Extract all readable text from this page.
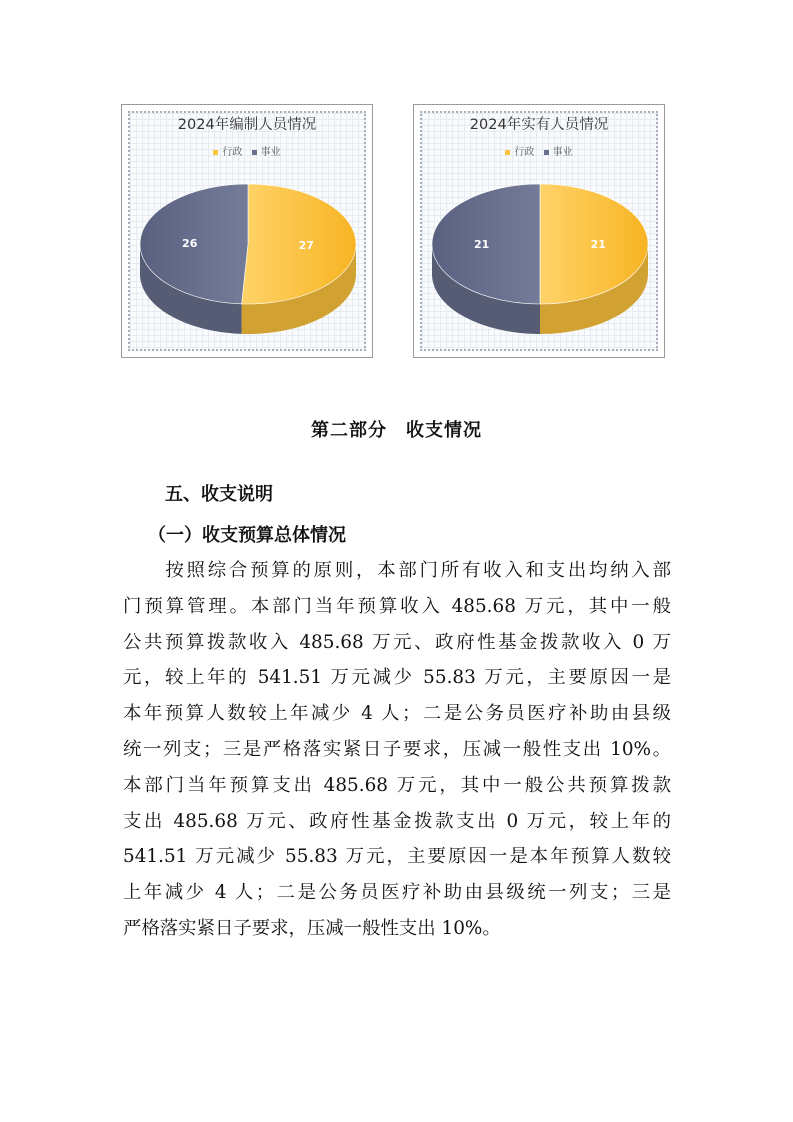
2024年编制人员情况
行政 事业
27
26
2024年实有人员情况
行政 事业
21
21
第二部分　收支情况
五、收支说明
（一）收支预算总体情况
　　按照综合预算的原则，本部门所有收入和支出均纳入部
门预算管理。本部门当年预算收入 485.68 万元，其中一般
公共预算拨款收入 485.68 万元、政府性基金拨款收入 0 万
元，较上年的 541.51 万元减少 55.83 万元，主要原因一是
本年预算人数较上年减少 4 人；二是公务员医疗补助由县级
统一列支；三是严格落实紧日子要求，压减一般性支出 10%。
本部门当年预算支出 485.68 万元，其中一般公共预算拨款
支出 485.68 万元、政府性基金拨款支出 0 万元，较上年的
541.51 万元减少 55.83 万元，主要原因一是本年预算人数较
上年减少 4 人；二是公务员医疗补助由县级统一列支；三是
严格落实紧日子要求，压减一般性支出 10%。
